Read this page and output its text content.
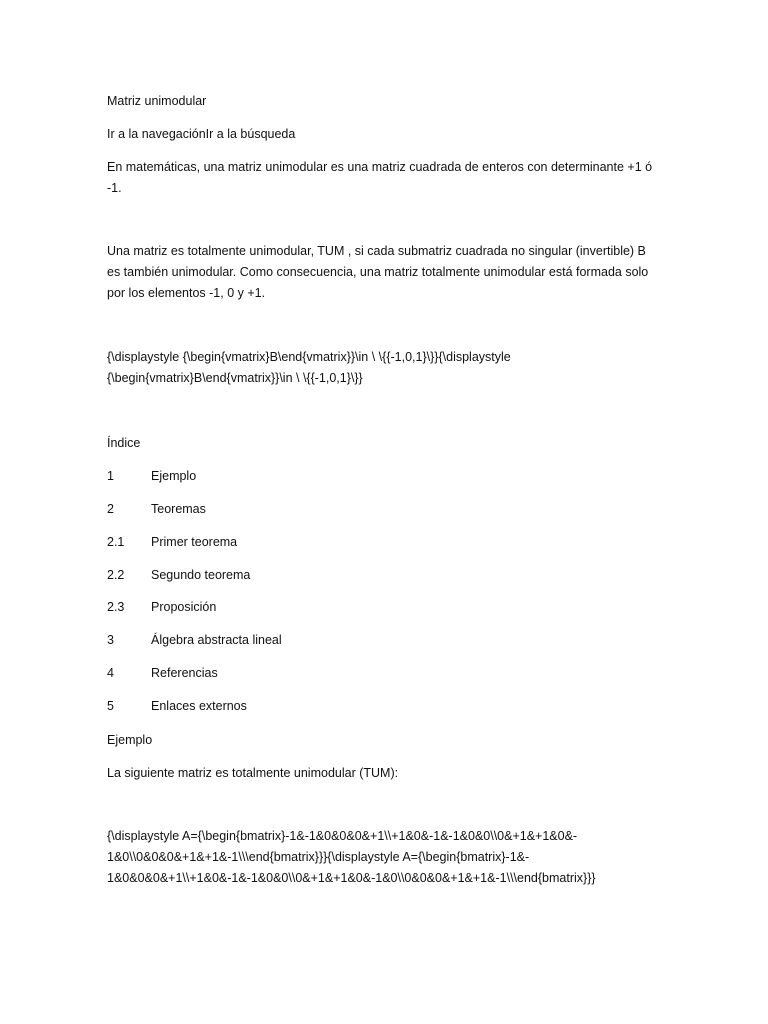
Matriz unimodular
Ir a la navegaciónIr a la búsqueda
En matemáticas, una matriz unimodular es una matriz cuadrada de enteros con determinante +1 ó
-1.
Una matriz es totalmente unimodular, TUM , si cada submatriz cuadrada no singular (invertible) B
es también unimodular. Como consecuencia, una matriz totalmente unimodular está formada solo
por los elementos -1, 0 y +1.
{\displaystyle {\begin{vmatrix}B\end{vmatrix}}\in \ \{{-1,0,1}\}}{\displaystyle
{\begin{vmatrix}B\end{vmatrix}}\in \ \{{-1,0,1}\}}
Índice
1	Ejemplo
2	Teoremas
2.1 Primer teorema
2.2 Segundo teorema
2.3 Proposición
3	Álgebra abstracta lineal
4	Referencias
5	Enlaces externos
Ejemplo
La siguiente matriz es totalmente unimodular (TUM):
{\displaystyle A={\begin{bmatrix}-1&-1&0&0&0&+1\\+1&0&-1&-1&0&0\\0&+1&+1&0&-
1&0\\0&0&0&+1&+1&-1\\\end{bmatrix}}}{\displaystyle A={\begin{bmatrix}-1&-
1&0&0&0&+1\\+1&0&-1&-1&0&0\\0&+1&+1&0&-1&0\\0&0&0&+1&+1&-1\\\end{bmatrix}}}
